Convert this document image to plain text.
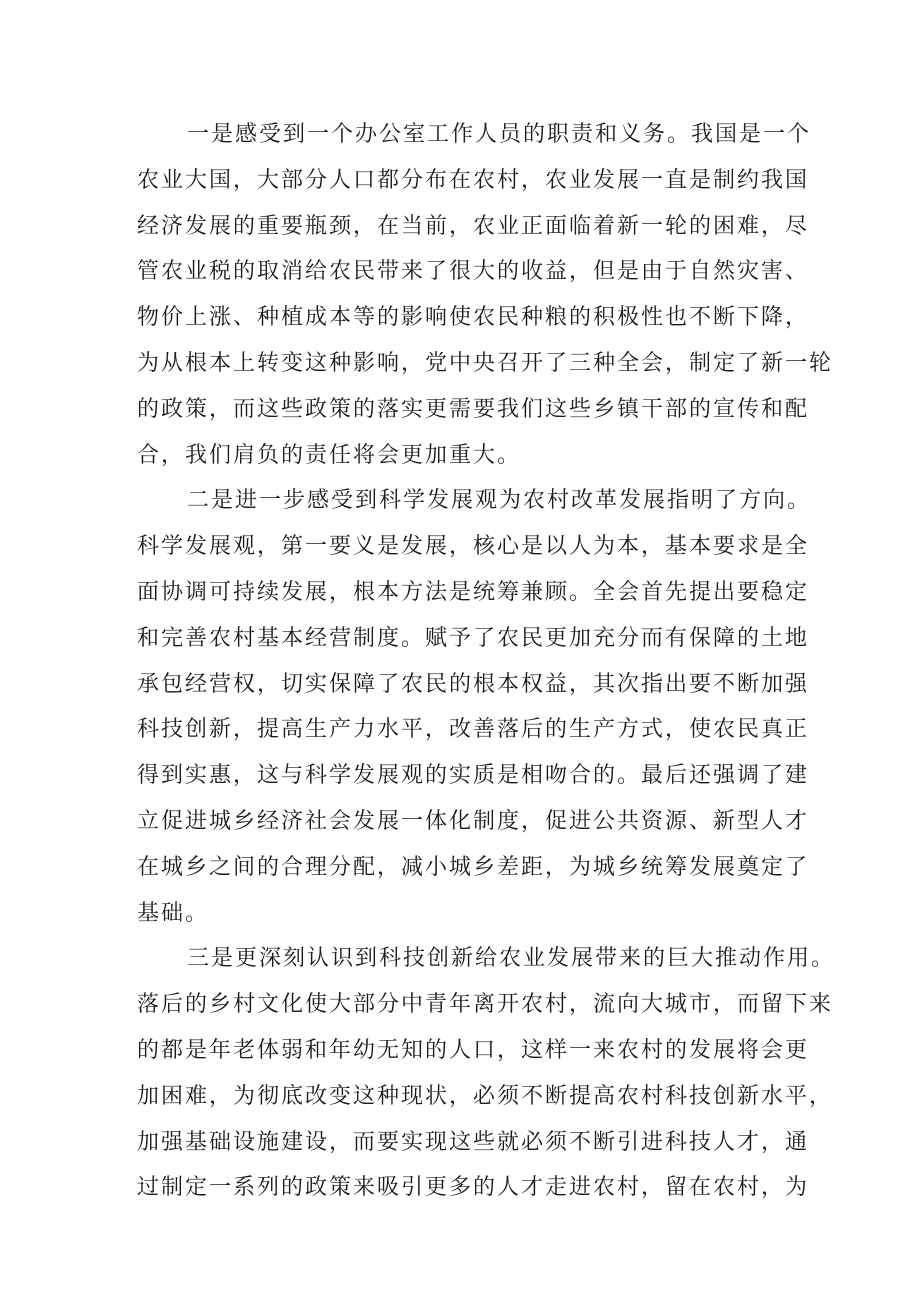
一是感受到一个办公室工作人员的职责和义务。我国是一个
农业大国，大部分人口都分布在农村，农业发展一直是制约我国
经济发展的重要瓶颈，在当前，农业正面临着新一轮的困难，尽
管农业税的取消给农民带来了很大的收益，但是由于自然灾害、
物价上涨、种植成本等的影响使农民种粮的积极性也不断下降，
为从根本上转变这种影响，党中央召开了三种全会，制定了新一轮
的政策，而这些政策的落实更需要我们这些乡镇干部的宣传和配
合，我们肩负的责任将会更加重大。
二是进一步感受到科学发展观为农村改革发展指明了方向。
科学发展观，第一要义是发展，核心是以人为本，基本要求是全
面协调可持续发展，根本方法是统筹兼顾。全会首先提出要稳定
和完善农村基本经营制度。赋予了农民更加充分而有保障的土地
承包经营权，切实保障了农民的根本权益，其次指出要不断加强
科技创新，提高生产力水平，改善落后的生产方式，使农民真正
得到实惠，这与科学发展观的实质是相吻合的。最后还强调了建
立促进城乡经济社会发展一体化制度，促进公共资源、新型人才
在城乡之间的合理分配，减小城乡差距，为城乡统筹发展奠定了
基础。
三是更深刻认识到科技创新给农业发展带来的巨大推动作用。
落后的乡村文化使大部分中青年离开农村，流向大城市，而留下来
的都是年老体弱和年幼无知的人口，这样一来农村的发展将会更
加困难，为彻底改变这种现状，必须不断提高农村科技创新水平，
加强基础设施建设，而要实现这些就必须不断引进科技人才，通
过制定一系列的政策来吸引更多的人才走进农村，留在农村，为
